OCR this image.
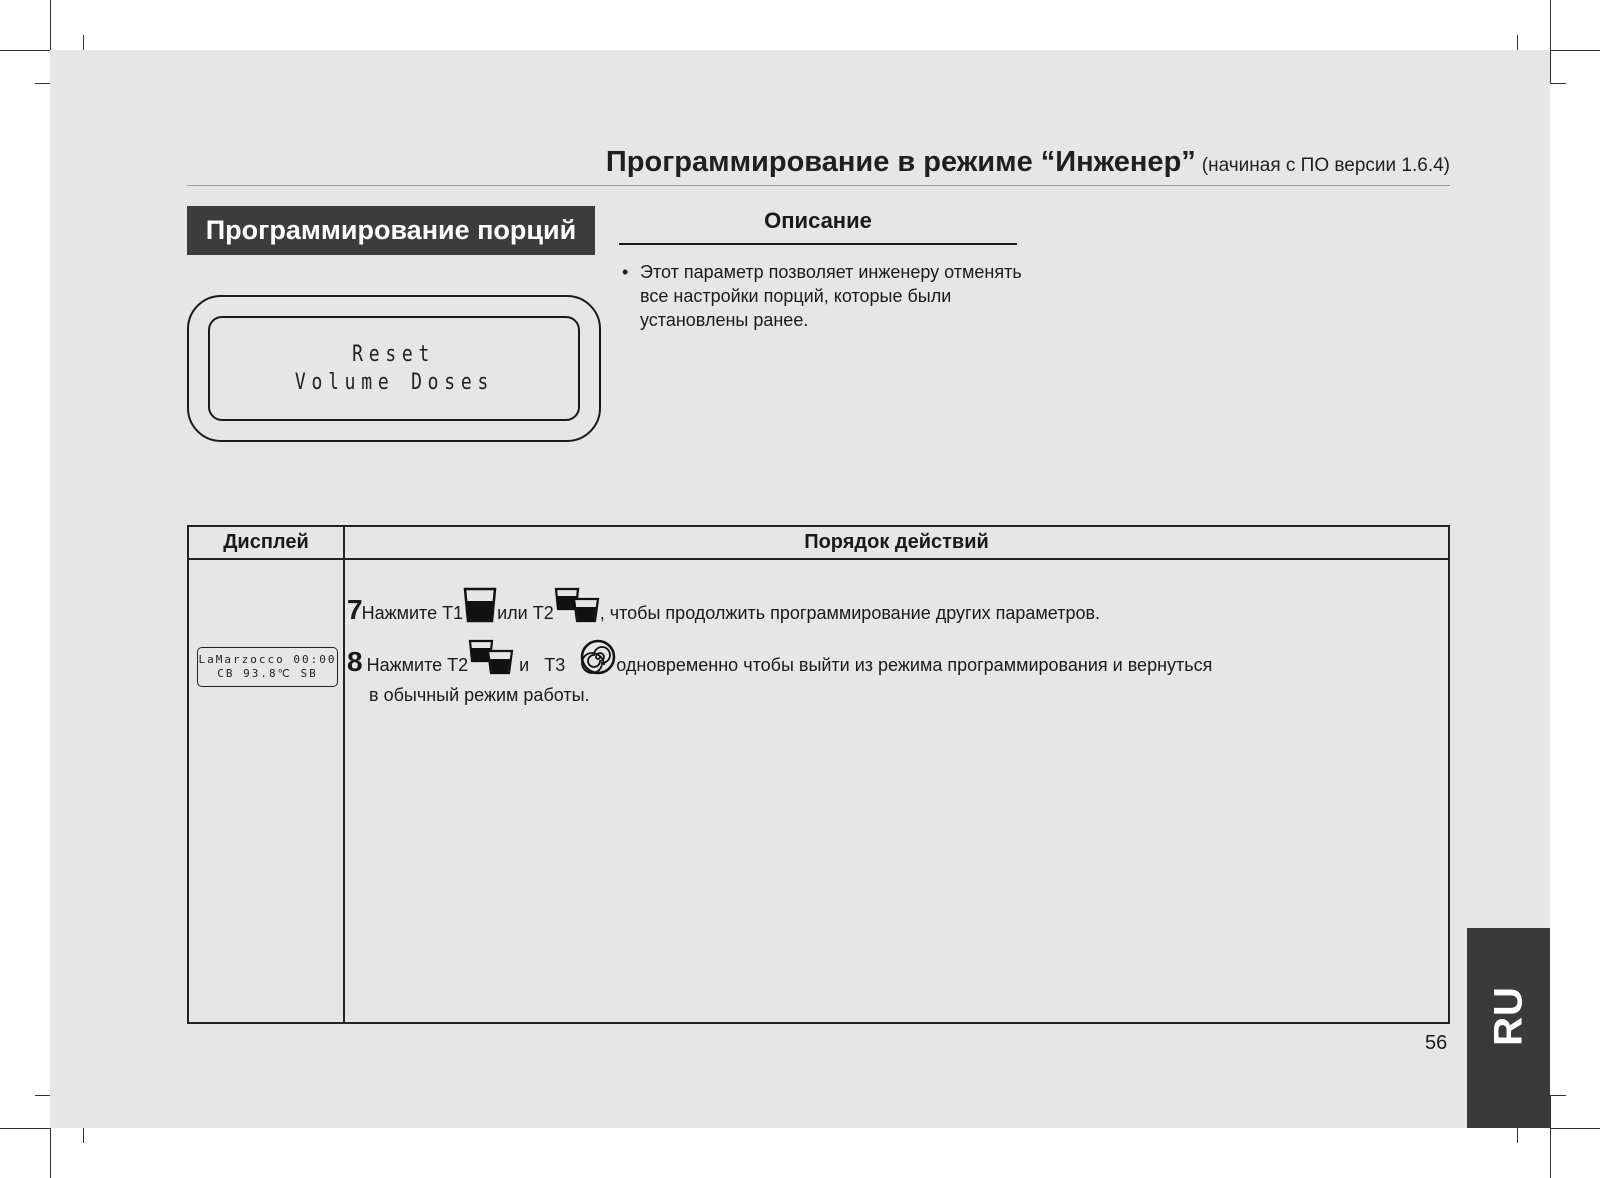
Программирование в режиме “Инженер” (начиная с ПО версии 1.6.4)
Программирование порций
Reset
Volume Doses
Описание
• Этот параметр позволяет инженеру отменять все настройки порций, которые были установлены ранее.
Дисплей	Порядок действий
LaMarzocco 00:00
CB 93.8℃ SB
7Нажмите T1 или T2	, чтобы продолжить программирование других параметров.
8 Нажмите T2	и T3	одновременно чтобы выйти из режима программирования и вернуться
в обычный режим работы.
56 RU
